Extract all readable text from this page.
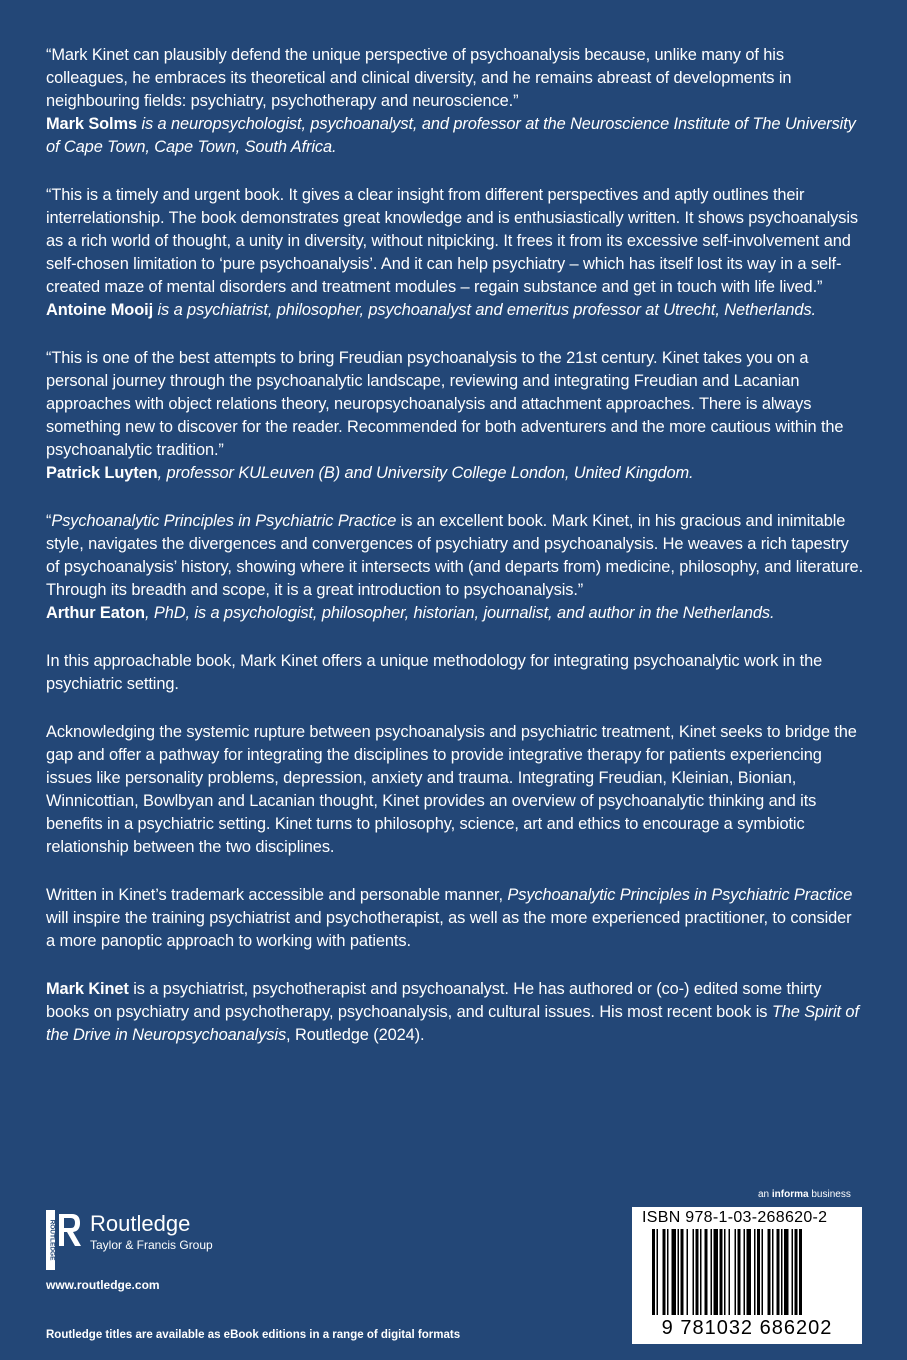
“Mark Kinet can plausibly defend the unique perspective of psychoanalysis because, unlike many of his colleagues, he embraces its theoretical and clinical diversity, and he remains abreast of developments in neighbouring fields: psychiatry, psychotherapy and neuroscience.”

Mark Solms is a neuropsychologist, psychoanalyst, and professor at the Neuroscience Institute of The University of Cape Town, Cape Town, South Africa.

“This is a timely and urgent book. It gives a clear insight from different perspectives and aptly outlines their interrelationship. The book demonstrates great knowledge and is enthusiastically written. It shows psychoanalysis as a rich world of thought, a unity in diversity, without nitpicking. It frees it from its excessive self-involvement and self-chosen limitation to ‘pure psychoanalysis’. And it can help psychiatry – which has itself lost its way in a self-created maze of mental disorders and treatment modules – regain substance and get in touch with life lived.”

Antoine Mooij is a psychiatrist, philosopher, psychoanalyst and emeritus professor at Utrecht, Netherlands.

“This is one of the best attempts to bring Freudian psychoanalysis to the 21st century. Kinet takes you on a personal journey through the psychoanalytic landscape, reviewing and integrating Freudian and Lacanian approaches with object relations theory, neuropsychoanalysis and attachment approaches. There is always something new to discover for the reader. Recommended for both adventurers and the more cautious within the psychoanalytic tradition.”

Patrick Luyten, professor KULeuven (B) and University College London, United Kingdom.

“Psychoanalytic Principles in Psychiatric Practice is an excellent book. Mark Kinet, in his gracious and inimitable style, navigates the divergences and convergences of psychiatry and psychoanalysis. He weaves a rich tapestry of psychoanalysis’ history, showing where it intersects with (and departs from) medicine, philosophy, and literature. Through its breadth and scope, it is a great introduction to psychoanalysis.”

Arthur Eaton, PhD, is a psychologist, philosopher, historian, journalist, and author in the Netherlands.

In this approachable book, Mark Kinet offers a unique methodology for integrating psychoanalytic work in the psychiatric setting.

Acknowledging the systemic rupture between psychoanalysis and psychiatric treatment, Kinet seeks to bridge the gap and offer a pathway for integrating the disciplines to provide integrative therapy for patients experiencing issues like personality problems, depression, anxiety and trauma. Integrating Freudian, Kleinian, Bionian, Winnicottian, Bowlbyan and Lacanian thought, Kinet provides an overview of psychoanalytic thinking and its benefits in a psychiatric setting. Kinet turns to philosophy, science, art and ethics to encourage a symbiotic relationship between the two disciplines.

Written in Kinet’s trademark accessible and personable manner, Psychoanalytic Principles in Psychiatric Practice will inspire the training psychiatrist and psychotherapist, as well as the more experienced practitioner, to consider a more panoptic approach to working with patients.

Mark Kinet is a psychiatrist, psychotherapist and psychoanalyst. He has authored or (co-) edited some thirty books on psychiatry and psychotherapy, psychoanalysis, and cultural issues. His most recent book is The Spirit of the Drive in Neuropsychoanalysis, Routledge (2024).

ROUTLEDGE Routledge
Taylor & Francis Group
www.routledge.com
Routledge titles are available as eBook editions in a range of digital formats
an informa business
ISBN 978-1-03-268620-2
9 781032 686202
